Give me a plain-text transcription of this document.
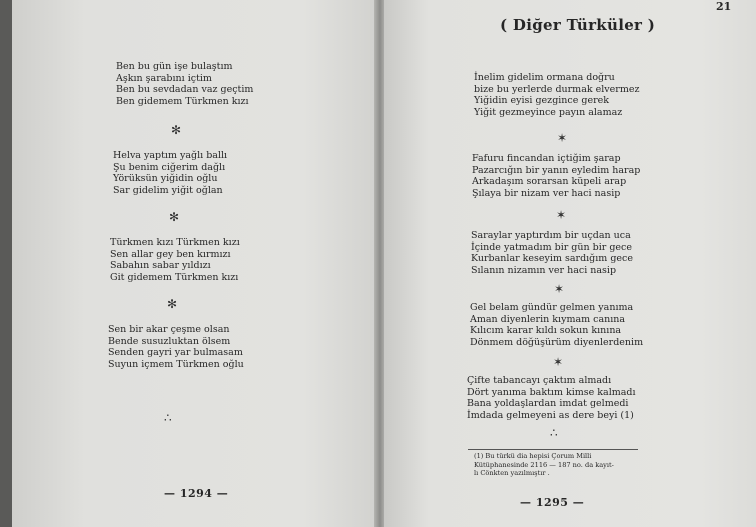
Ben bu gün işe bulaştım
Aşkın şarabını içtim
Ben bu sevdadan vaz geçtim
Ben gidemem Türkmen kızı
✻
Helva yaptım yağlı ballı
Şu benim ciğerim dağlı
Yörüksün yiğidin oğlu
Sar gidelim yiğit oğlan
✻
Türkmen kızı Türkmen kızı
Sen allar gey ben kırmızı
Sabahın sabar yıldızı
Git gidemem Türkmen kızı
✻
Sen bir akar çeşme olsan
Bende susuzluktan ölsem
Senden gayri yar bulmasam
Suyun içmem Türkmen oğlu
∴
— 1294 —
( Diğer Türküler )
21
İnelim gidelim ormana doğru
bize bu yerlerde durmak elvermez
Yiğidin eyisi gezgince gerek
Yiğit gezmeyince payın alamaz
✶
Fafuru fincandan içtiğim şarap
Pazarcığın bir yanın eyledim harap
Arkadaşım sorarsan küpeli arap
Şılaya bir nizam ver haci nasip
✶
Saraylar yaptırdım bir uçdan uca
İçinde yatmadım bir gün bir gece
Kurbanlar keseyim sardığım gece
Sılanın nizamın ver haci nasip
✶
Gel belam gündür gelmen yanıma
Aman diyenlerin kıymam canına
Kılıcım karar kıldı sokun kınına
Dönmem döğüşürüm diyenlerdenim
✶
Çifte tabancayı çaktım almadı
Dört yanıma baktım kimse kalmadı
Bana yoldaşlardan imdat gelmedi
İmdada gelmeyeni as dere beyi (1)
∴
(1) Bu türkü dia hepisi Çorum Milli
Kütüphanesinde 2116 — 187 no. da kayıt-
lı Cönkten yazılmıştır .
— 1295 —
